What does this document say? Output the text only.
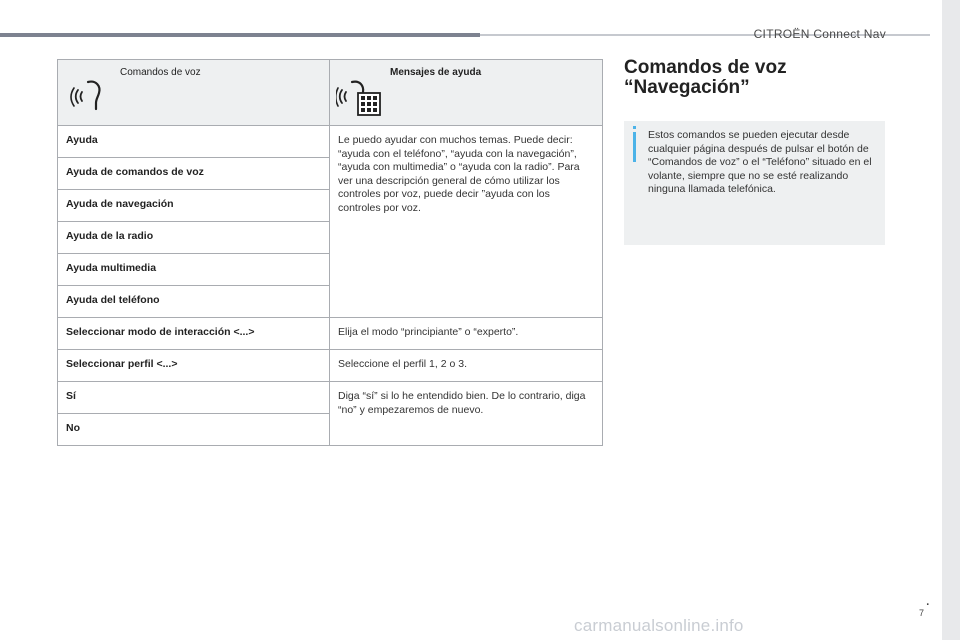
CITROËN Connect Nav
Comandos de voz	Mensajes de ayuda

Ayuda	Le puedo ayudar con muchos temas. Puede decir: “ayuda con el teléfono”, “ayuda con la navegación”, “ayuda con multimedia” o “ayuda con la radio”. Para ver una descripción general de cómo utilizar los controles por voz, puede decir ”ayuda con los controles por voz.
Ayuda de comandos de voz	
Ayuda de navegación	
Ayuda de la radio	
Ayuda multimedia	
Ayuda del teléfono	
Seleccionar modo de interacción <...>	Elija el modo “principiante” o “experto”.
Seleccionar perfil <...>	Seleccione el perfil 1, 2 o 3.
Sí	Diga “sí” si lo he entendido bien. De lo contrario, diga “no” y empezaremos de nuevo.
No	
Comandos de voz
“Navegación”
Estos comandos se pueden ejecutar desde cualquier página después de pulsar el botón de “Comandos de voz” o el “Teléfono” situado en el volante, siempre que no se esté realizando ninguna llamada telefónica.
.
7
carmanualsonline.info
